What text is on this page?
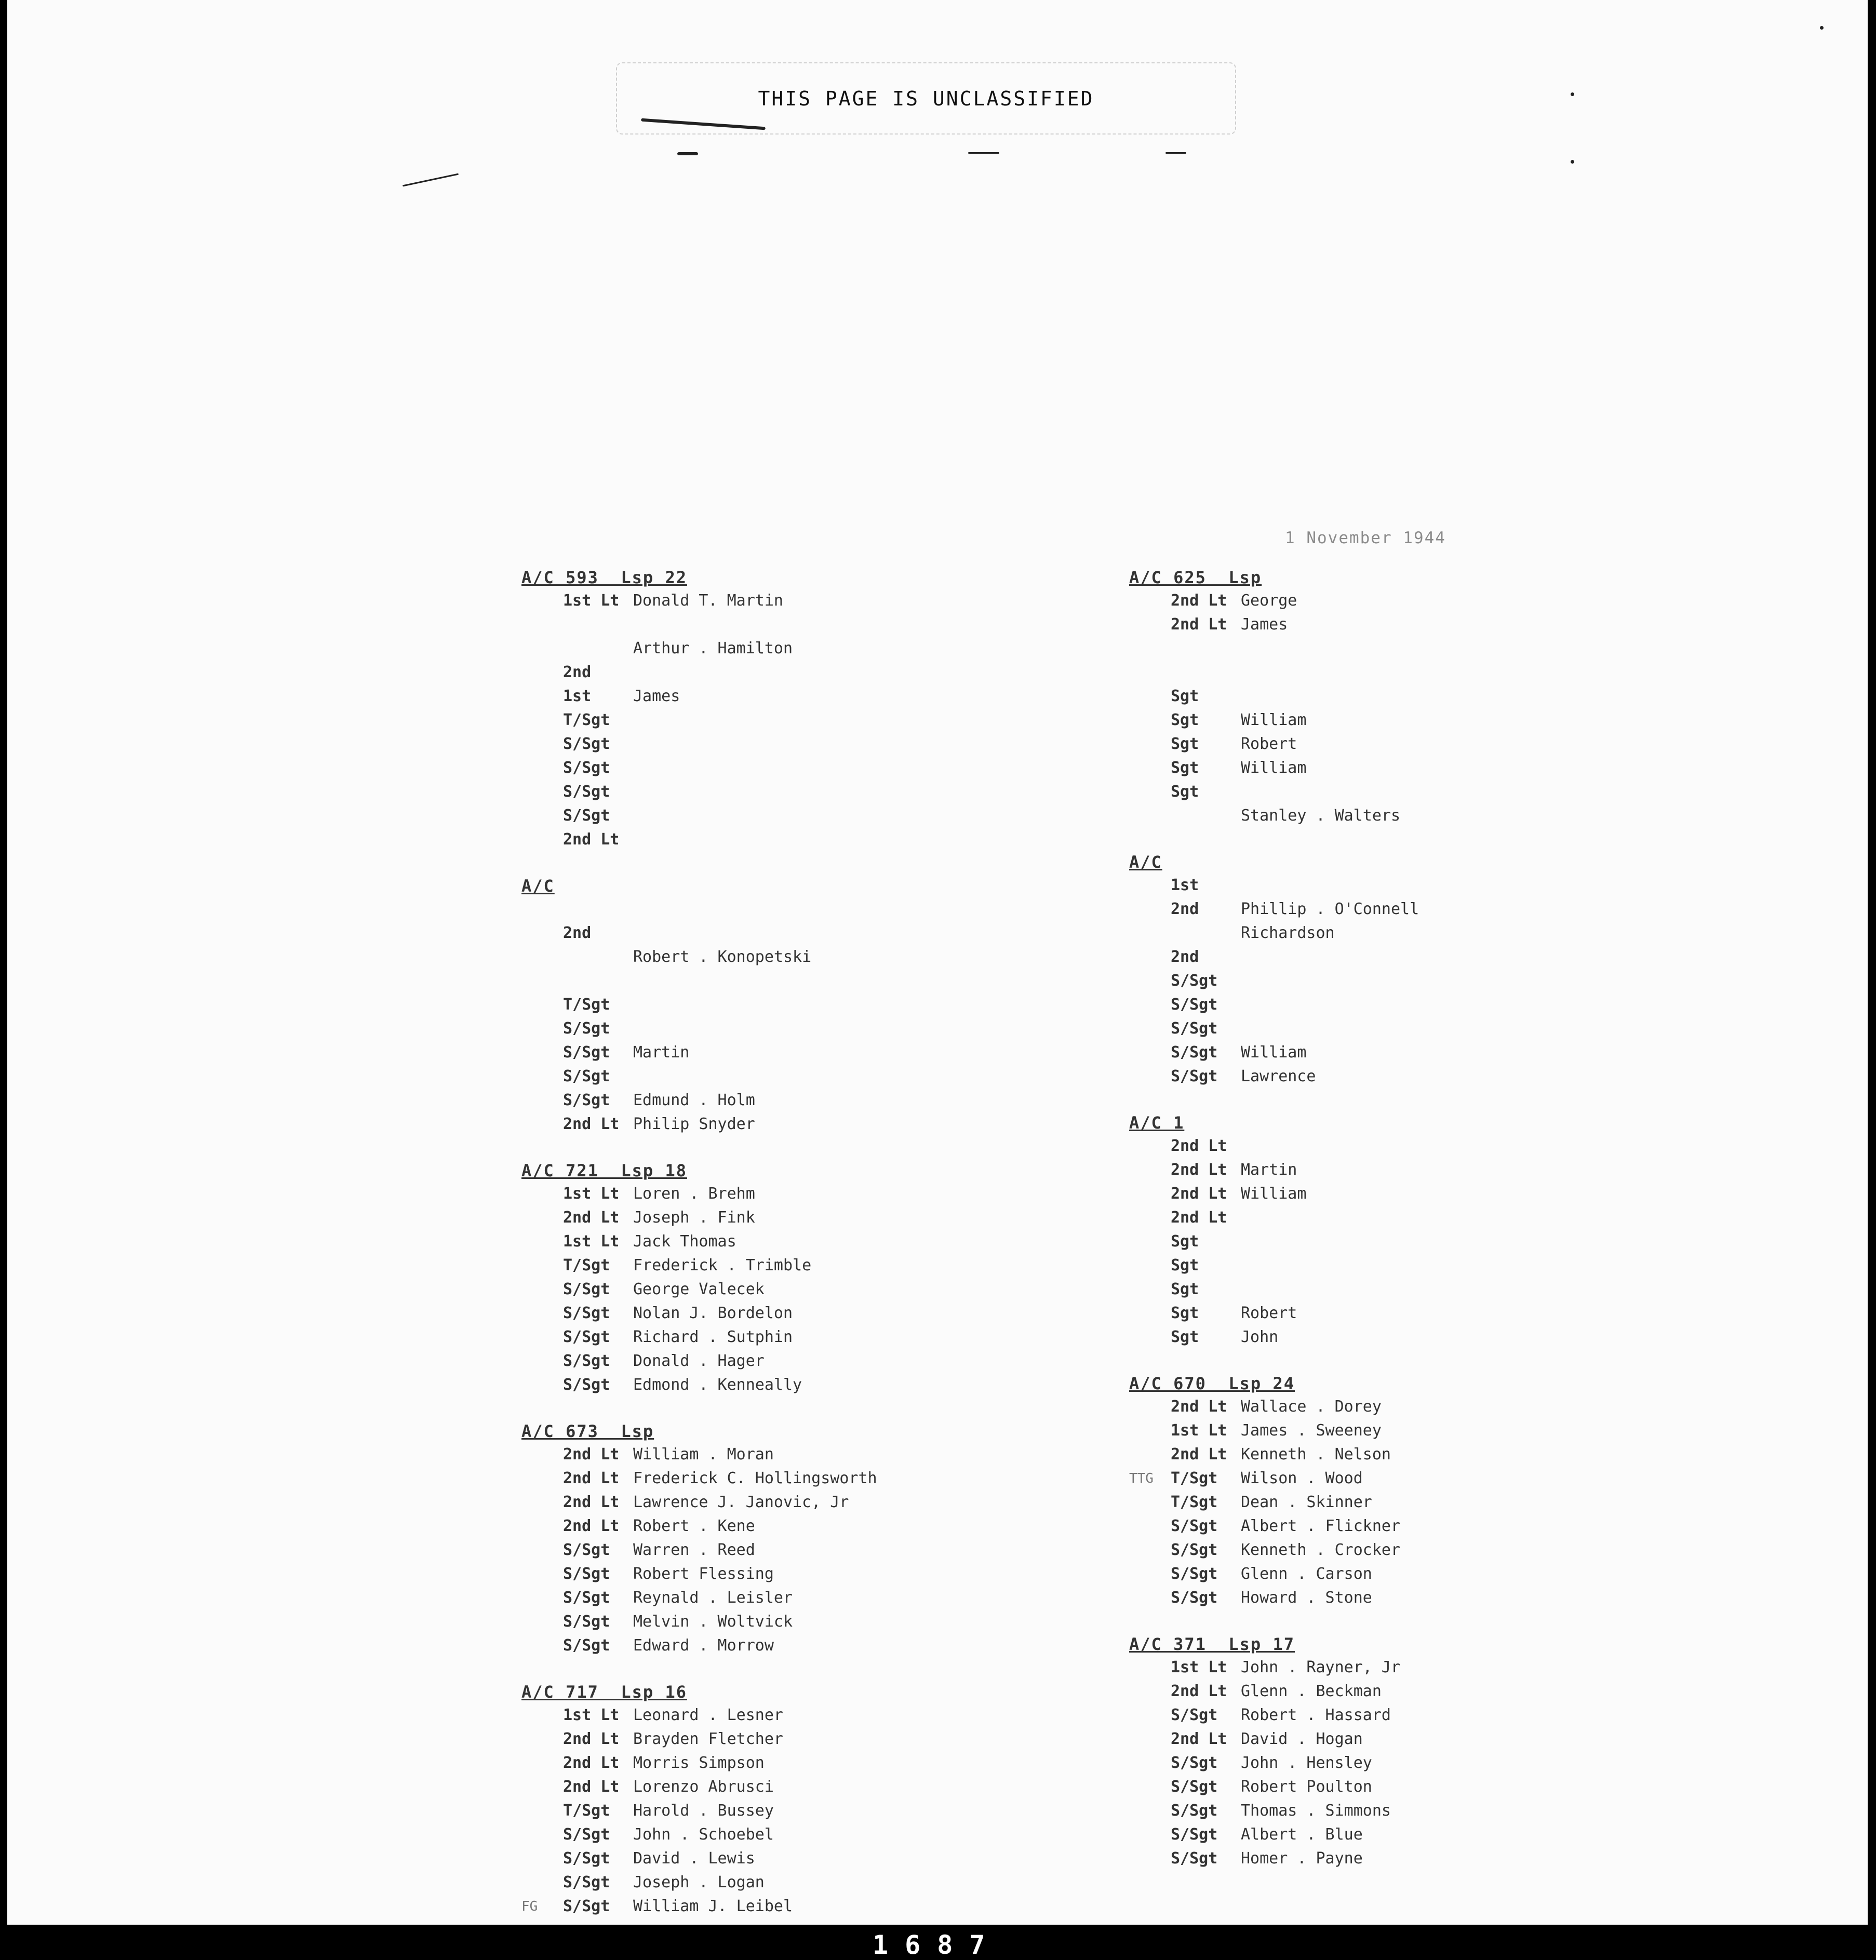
THIS PAGE IS UNCLASSIFIED
1 November 1944
A/C 593  Lsp 22
1st Lt Donald T. Martin
Arthur . Hamilton
2nd
1st	James
T/Sgt
S/Sgt
S/Sgt
S/Sgt
S/Sgt
2nd Lt
A/C
2nd
Robert . Konopetski
T/Sgt
S/Sgt
S/Sgt	Martin
S/Sgt
S/Sgt	Edmund . Holm
2nd Lt Philip Snyder
A/C 721  Lsp 18
1st Lt Loren . Brehm
2nd Lt Joseph . Fink
1st Lt Jack Thomas
T/Sgt	Frederick . Trimble
S/Sgt	George Valecek
S/Sgt	Nolan J. Bordelon
S/Sgt	Richard . Sutphin
S/Sgt	Donald . Hager
S/Sgt	Edmond . Kenneally
A/C 673  Lsp
2nd Lt William . Moran
2nd Lt Frederick C. Hollingsworth
2nd Lt Lawrence J. Janovic, Jr
2nd Lt Robert . Kene
S/Sgt	Warren . Reed
S/Sgt	Robert Flessing
S/Sgt	Reynald . Leisler
S/Sgt	Melvin . Woltvick
S/Sgt	Edward . Morrow
A/C 717  Lsp 16
1st Lt Leonard . Lesner
2nd Lt Brayden Fletcher
2nd Lt Morris Simpson
2nd Lt Lorenzo Abrusci
T/Sgt	Harold . Bussey
S/Sgt	John . Schoebel
S/Sgt	David . Lewis
S/Sgt	Joseph . Logan
FG	S/Sgt	William J. Leibel
A/C 625  Lsp
2nd Lt George
2nd Lt James
Sgt
Sgt	William
Sgt	Robert
Sgt	William
Sgt
Stanley . Walters
A/C
1st
2nd	Phillip . O'Connell
Richardson
2nd
S/Sgt
S/Sgt
S/Sgt
S/Sgt	William
S/Sgt	Lawrence
A/C 1
2nd Lt
2nd Lt Martin
2nd Lt William
2nd Lt
Sgt
Sgt
Sgt
Sgt	Robert
Sgt	John
A/C 670  Lsp 24
2nd Lt Wallace . Dorey
1st Lt James . Sweeney
2nd Lt Kenneth . Nelson
TTG	T/Sgt	Wilson . Wood
T/Sgt	Dean . Skinner
S/Sgt	Albert . Flickner
S/Sgt	Kenneth . Crocker
S/Sgt	Glenn . Carson
S/Sgt	Howard . Stone
A/C 371  Lsp 17
1st Lt John . Rayner, Jr
2nd Lt Glenn . Beckman
S/Sgt	Robert . Hassard
2nd Lt David . Hogan
S/Sgt	John . Hensley
S/Sgt	Robert Poulton
S/Sgt	Thomas . Simmons
S/Sgt	Albert . Blue
S/Sgt	Homer . Payne
1687
